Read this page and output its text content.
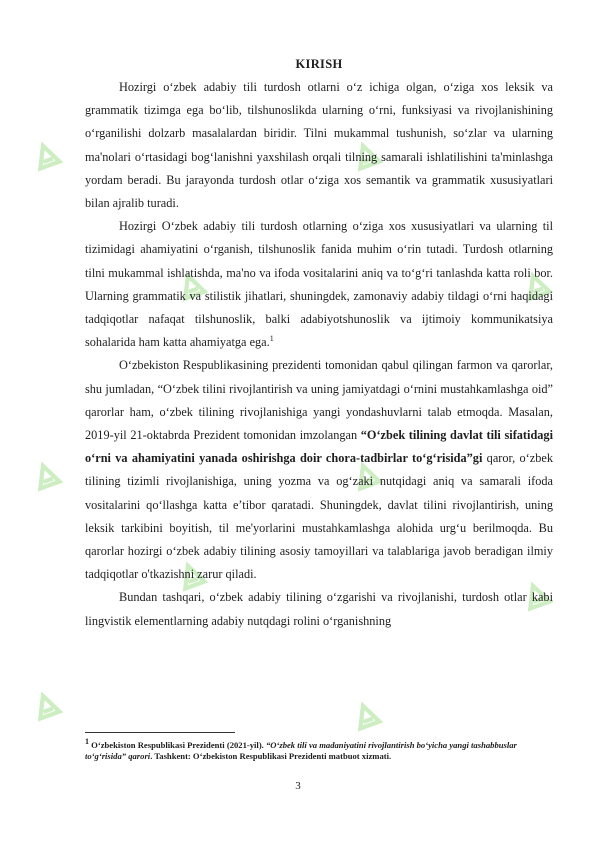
KIRISH

Hozirgi o‘zbek adabiy tili turdosh otlarni o‘z ichiga olgan, o‘ziga xos leksik va grammatik tizimga ega bo‘lib, tilshunoslikda ularning o‘rni, funksiyasi va rivojlanishining o‘rganilishi dolzarb masalalardan biridir. Tilni mukammal tushunish, so‘zlar va ularning ma'nolari o‘rtasidagi bog‘lanishni yaxshilash orqali tilning samarali ishlatilishini ta'minlashga yordam beradi. Bu jarayonda turdosh otlar o‘ziga xos semantik va grammatik xususiyatlari bilan ajralib turadi.

Hozirgi O‘zbek adabiy tili turdosh otlarning o‘ziga xos xususiyatlari va ularning til tizimidagi ahamiyatini o‘rganish, tilshunoslik fanida muhim o‘rin tutadi. Turdosh otlarning tilni mukammal ishlatishda, ma'no va ifoda vositalarini aniq va to‘g‘ri tanlashda katta roli bor. Ularning grammatik va stilistik jihatlari, shuningdek, zamonaviy adabiy tildagi o‘rni haqidagi tadqiqotlar nafaqat tilshunoslik, balki adabiyotshunoslik va ijtimoiy kommunikatsiya sohalarida ham katta ahamiyatga ega.$^1$

O‘zbekiston Respublikasining prezidenti tomonidan qabul qilingan farmon va qarorlar, shu jumladan, “O‘zbek tilini rivojlantirish va uning jamiyatdagi o‘rnini mustahkamlashga oid” qarorlar ham, o‘zbek tilining rivojlanishiga yangi yondashuvlarni talab etmoqda. Masalan, 2019-yil 21-oktabrda Prezident tomonidan imzolangan “O‘zbek tilining davlat tili sifatidagi o‘rni va ahamiyatini yanada oshirishga doir chora-tadbirlar to‘g‘risida”gi qaror, o‘zbek tilining tizimli rivojlanishiga, uning yozma va og‘zaki nutqidagi aniq va samarali ifoda vositalarini qo‘llashga katta e’tibor qaratadi. Shuningdek, davlat tilini rivojlantirish, uning leksik tarkibini boyitish, til me'yorlarini mustahkamlashga alohida urg‘u berilmoqda. Bu qarorlar hozirgi o‘zbek adabiy tilining asosiy tamoyillari va talablariga javob beradigan ilmiy tadqiqotlar o'tkazishni zarur qiladi.

Bundan tashqari, o‘zbek adabiy tilining o‘zgarishi va rivojlanishi, turdosh otlar kabi lingvistik elementlarning adabiy nutqdagi rolini o‘rganishning

$^1$ O‘zbekiston Respublikasi Prezidenti (2021-yil). “O‘zbek tili va madaniyatini rivojlantirish bo‘yicha yangi tashabbuslar to‘g‘risida” qarori. Tashkent: O‘zbekiston Respublikasi Prezidenti matbuot xizmati.
3
